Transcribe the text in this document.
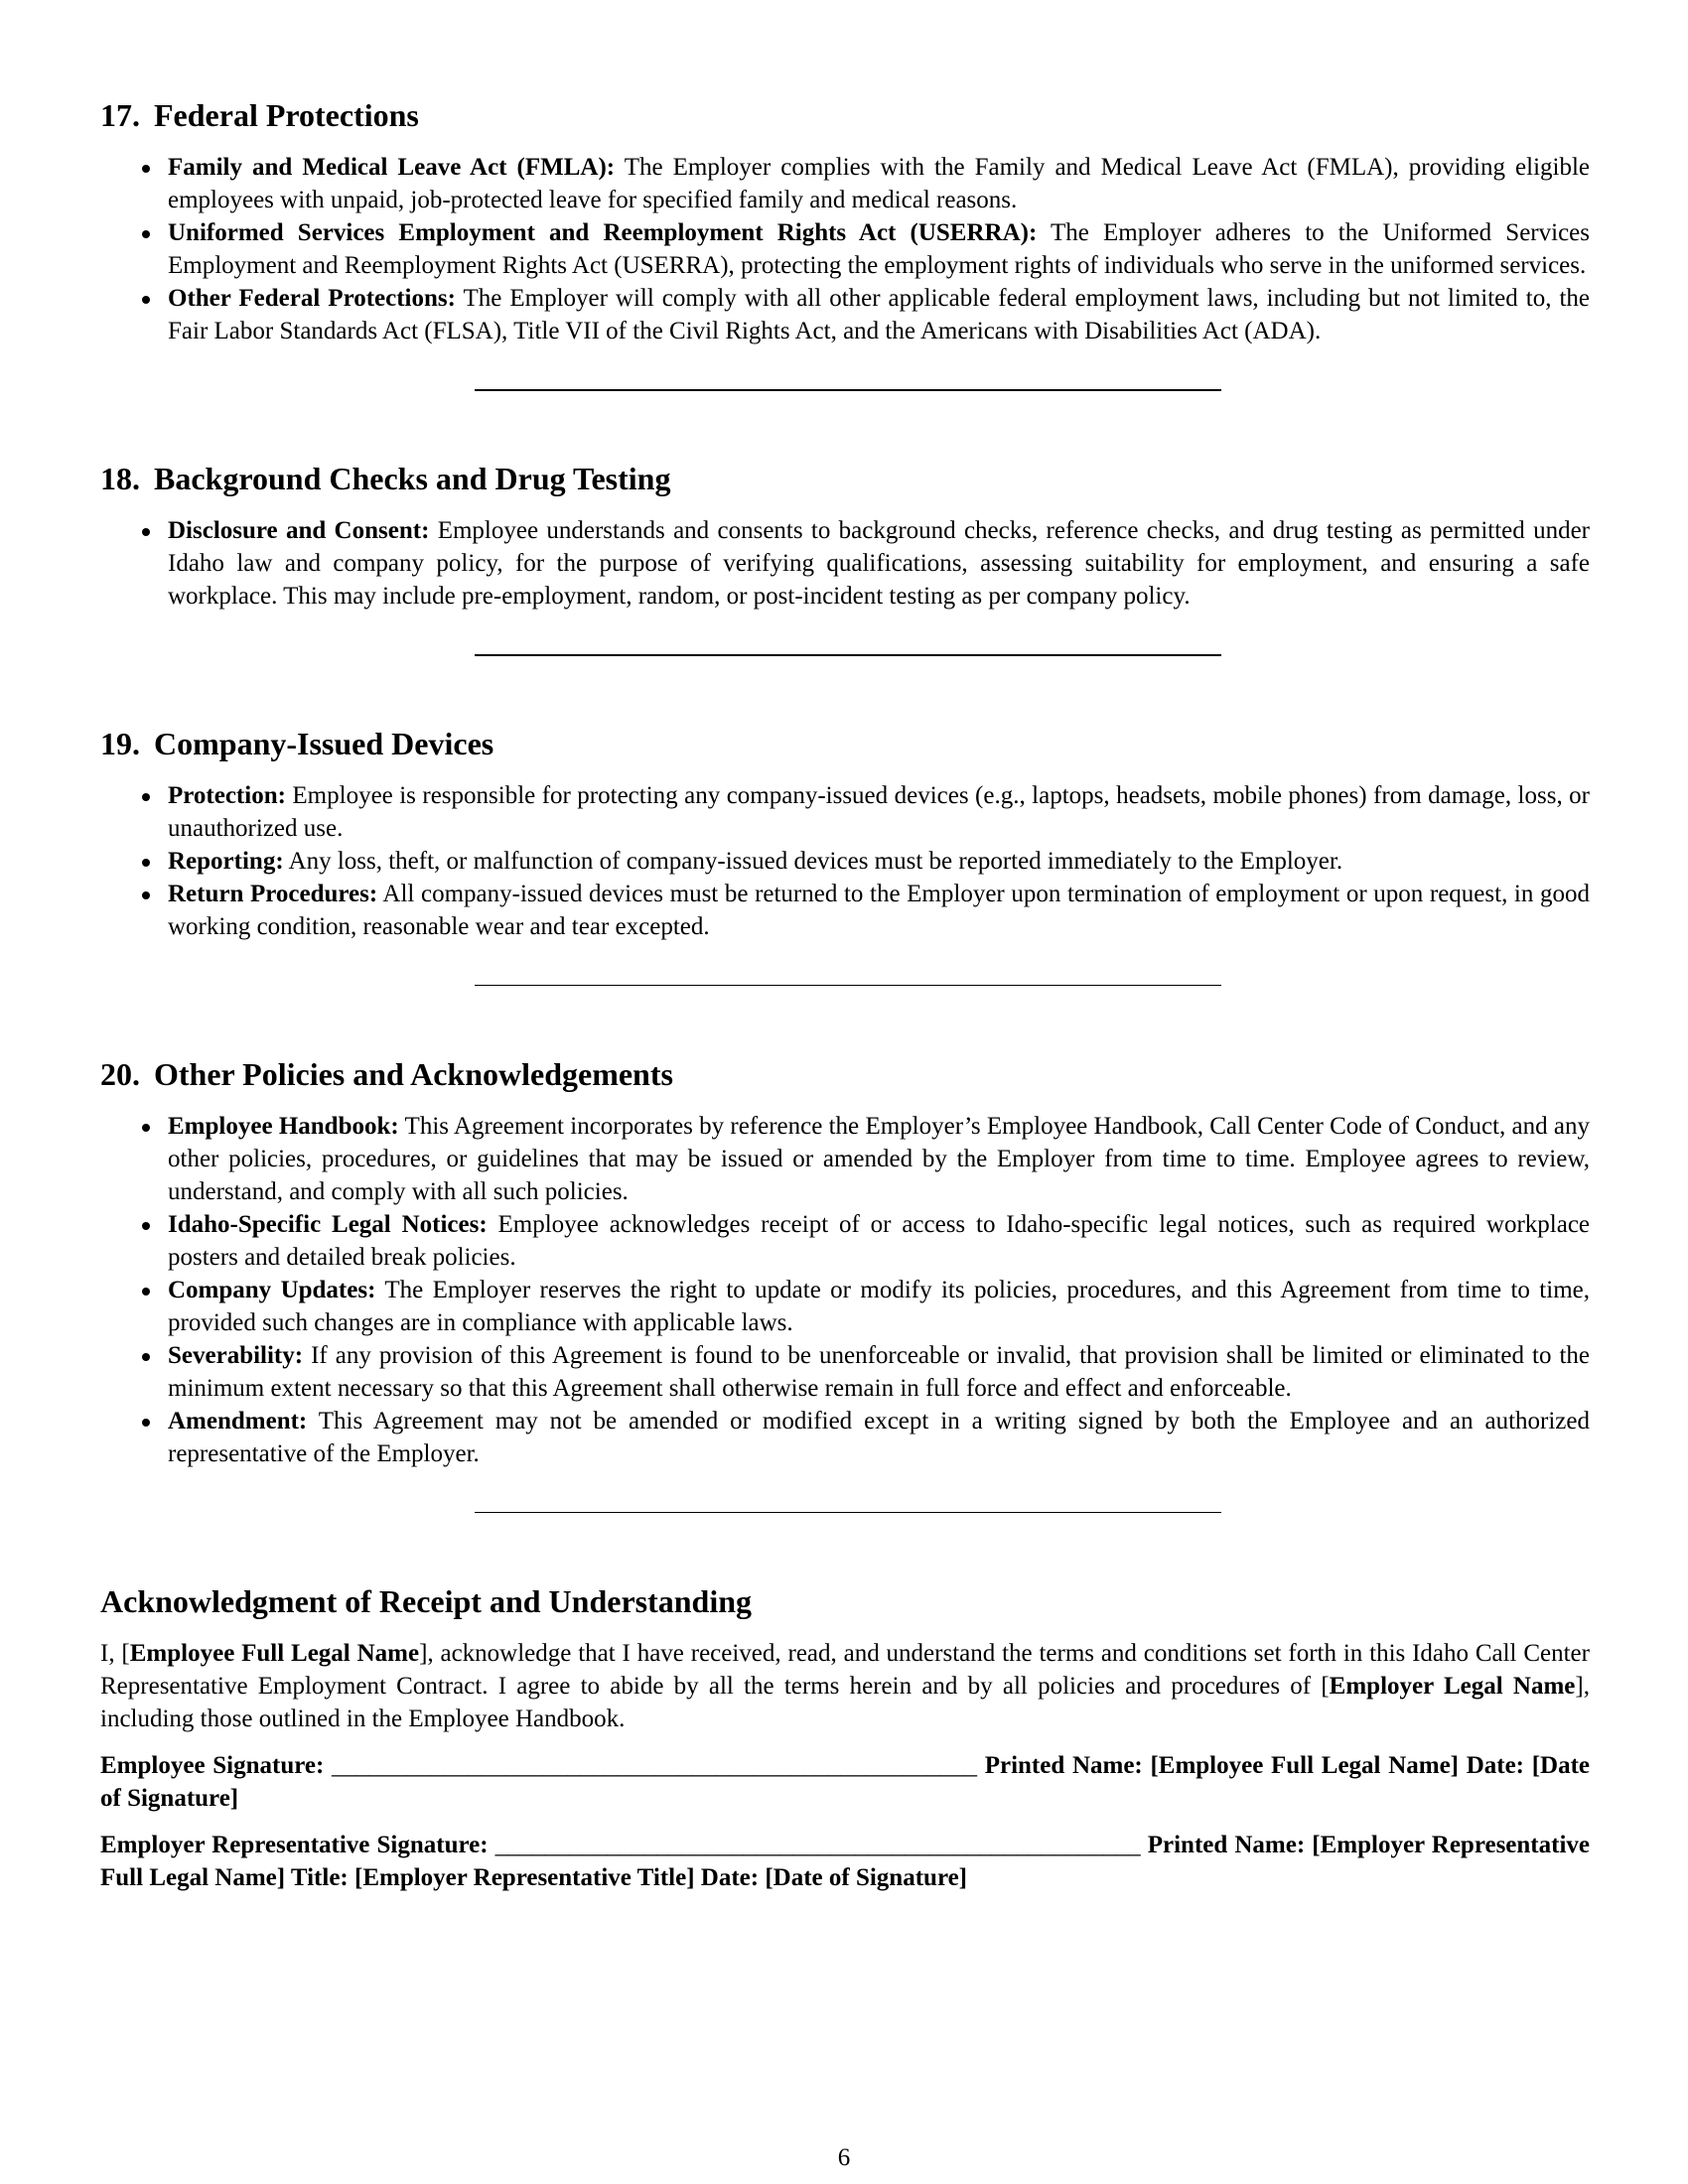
17. Federal Protections
Family and Medical Leave Act (FMLA): The Employer complies with the Family and Medical Leave Act (FMLA), providing eligible employees with unpaid, job-protected leave for specified family and medical reasons.
Uniformed Services Employment and Reemployment Rights Act (USERRA): The Employer adheres to the Uniformed Services Employment and Reemployment Rights Act (USERRA), protecting the employment rights of individuals who serve in the uniformed services.
Other Federal Protections: The Employer will comply with all other applicable federal employment laws, including but not limited to, the Fair Labor Standards Act (FLSA), Title VII of the Civil Rights Act, and the Americans with Disabilities Act (ADA).
18. Background Checks and Drug Testing
Disclosure and Consent: Employee understands and consents to background checks, reference checks, and drug testing as permitted under Idaho law and company policy, for the purpose of verifying qualifications, assessing suitability for employment, and ensuring a safe workplace. This may include pre-employment, random, or post-incident testing as per company policy.
19. Company-Issued Devices
Protection: Employee is responsible for protecting any company-issued devices (e.g., laptops, headsets, mobile phones) from damage, loss, or unauthorized use.
Reporting: Any loss, theft, or malfunction of company-issued devices must be reported immediately to the Employer.
Return Procedures: All company-issued devices must be returned to the Employer upon termination of employment or upon request, in good working condition, reasonable wear and tear excepted.
20. Other Policies and Acknowledgements
Employee Handbook: This Agreement incorporates by reference the Employer’s Employee Handbook, Call Center Code of Conduct, and any other policies, procedures, or guidelines that may be issued or amended by the Employer from time to time. Employee agrees to review, understand, and comply with all such policies.
Idaho-Specific Legal Notices: Employee acknowledges receipt of or access to Idaho-specific legal notices, such as required workplace posters and detailed break policies.
Company Updates: The Employer reserves the right to update or modify its policies, procedures, and this Agreement from time to time, provided such changes are in compliance with applicable laws.
Severability: If any provision of this Agreement is found to be unenforceable or invalid, that provision shall be limited or eliminated to the minimum extent necessary so that this Agreement shall otherwise remain in full force and effect and enforceable.
Amendment: This Agreement may not be amended or modified except in a writing signed by both the Employee and an authorized representative of the Employer.
Acknowledgment of Receipt and Understanding

I, [Employee Full Legal Name], acknowledge that I have received, read, and understand the terms and conditions set forth in this Idaho Call Center Representative Employment Contract. I agree to abide by all the terms herein and by all policies and procedures of [Employer Legal Name], including those outlined in the Employee Handbook.

Employee Signature: ____________________________________________________ Printed Name: [Employee Full Legal Name] Date: [Date of Signature]

Employer Representative Signature: ____________________________________________________ Printed Name: [Employer Representative Full Legal Name] Title: [Employer Representative Title] Date: [Date of Signature]

6
